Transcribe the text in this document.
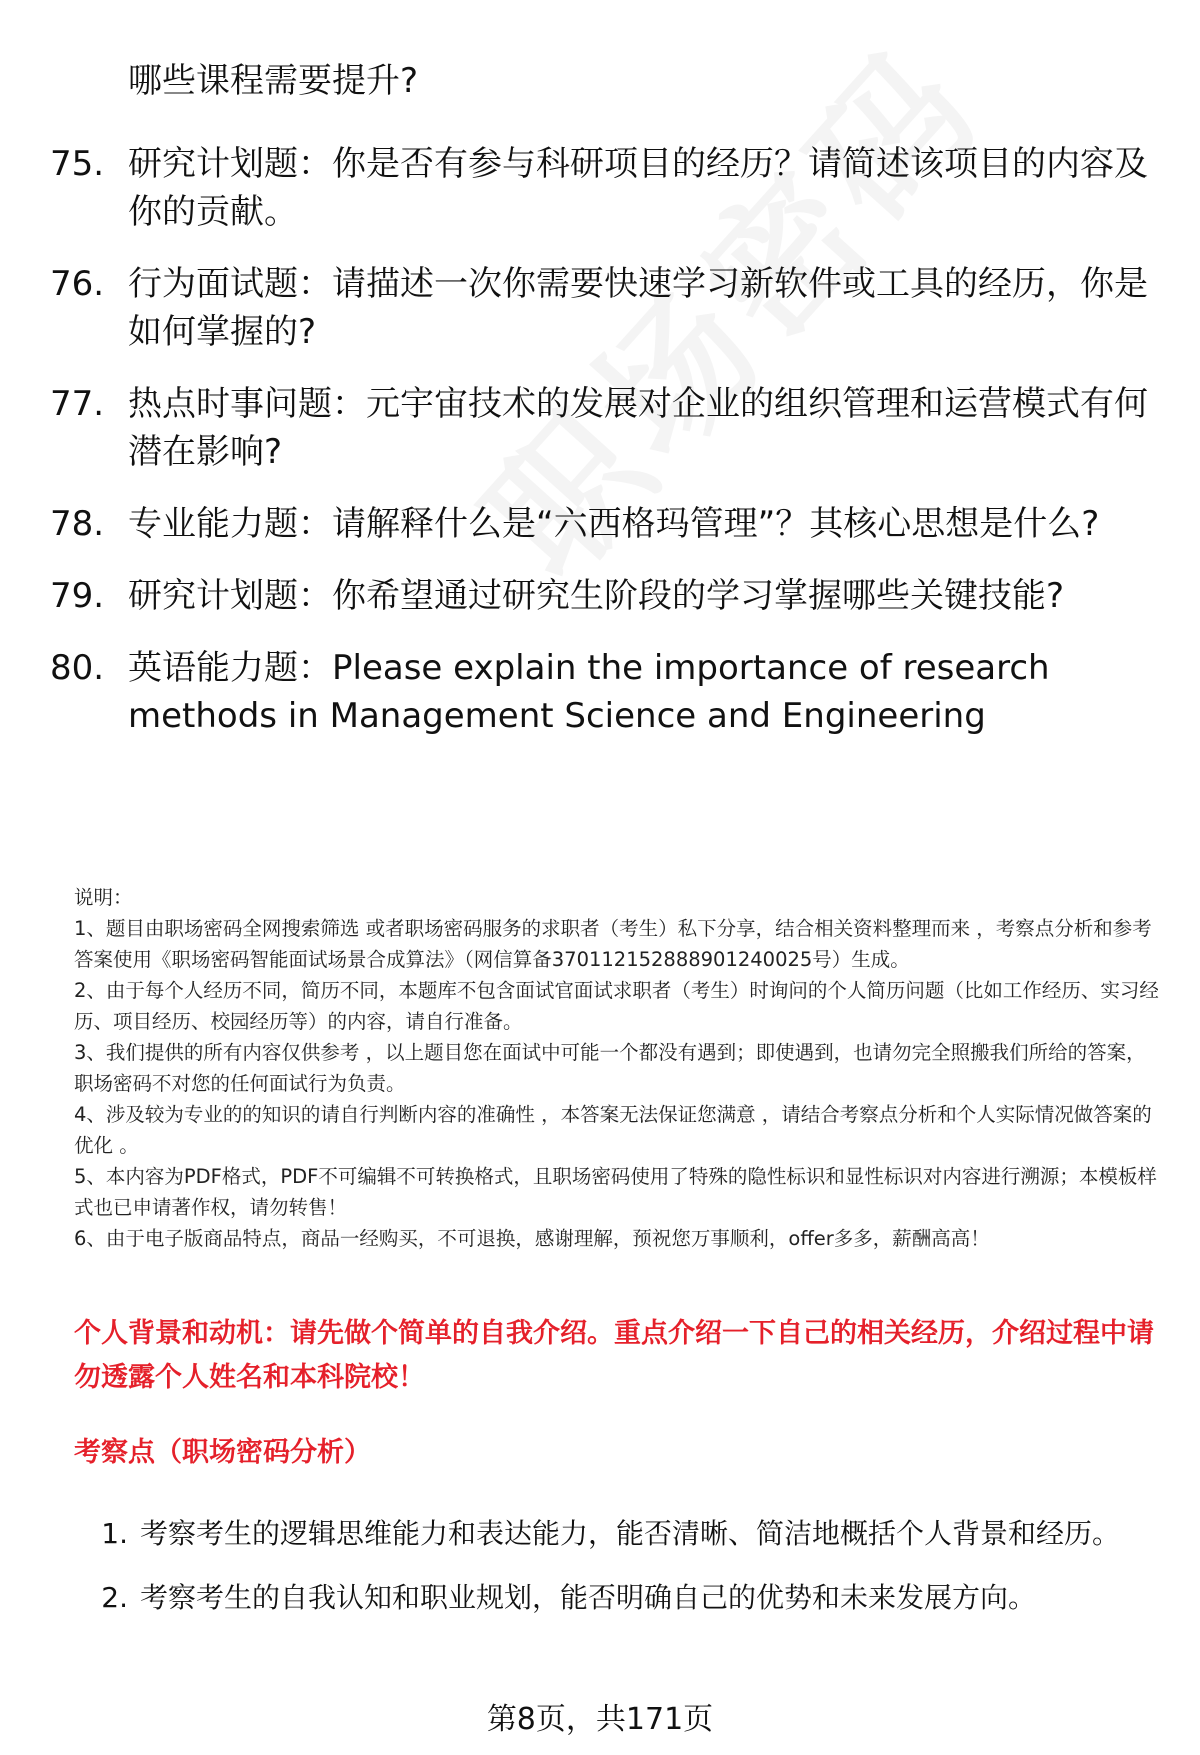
哪些课程需要提升?
75. 研究计划题：你是否有参与科研项目的经历？请简述该项目的内容及你的贡献。
76. 行为面试题：请描述一次你需要快速学习新软件或工具的经历，你是如何掌握的?
77. 热点时事问题：元宇宙技术的发展对企业的组织管理和运营模式有何潜在影响?
78. 专业能力题：请解释什么是“六西格玛管理”？其核心思想是什么?
79. 研究计划题：你希望通过研究生阶段的学习掌握哪些关键技能?
80. 英语能力题：Please explain the importance of research methods in Management Science and Engineering

说明：

1、题目由职场密码全网搜索筛选 或者职场密码服务的求职者（考生）私下分享，结合相关资料整理而来 ，考察点分析和参考答案使用《职场密码智能面试场景合成算法》（网信算备370112152888901240025号）生成。

2、由于每个人经历不同，简历不同，本题库不包含面试官面试求职者（考生）时询问的个人简历问题（比如工作经历、实习经历、项目经历、校园经历等）的内容，请自行准备。

3、我们提供的所有内容仅供参考 ，以上题目您在面试中可能一个都没有遇到；即使遇到，也请勿完全照搬我们所给的答案，职场密码不对您的任何面试行为负责。

4、涉及较为专业的的知识的请自行判断内容的准确性 ，本答案无法保证您满意 ，请结合考察点分析和个人实际情况做答案的优化 。

5、本内容为PDF格式，PDF不可编辑不可转换格式，且职场密码使用了特殊的隐性标识和显性标识对内容进行溯源；本模板样式也已申请著作权，请勿转售！

6、由于电子版商品特点，商品一经购买，不可退换，感谢理解，预祝您万事顺利，offer多多，薪酬高高！

个人背景和动机：请先做个简单的自我介绍。重点介绍一下自己的相关经历，介绍过程中请勿透露个人姓名和本科院校！
考察点（职场密码分析）
1. 考察考生的逻辑思维能力和表达能力，能否清晰、简洁地概括个人背景和经历。
2. 考察考生的自我认知和职业规划，能否明确自己的优势和未来发展方向。
第8页，共171页
